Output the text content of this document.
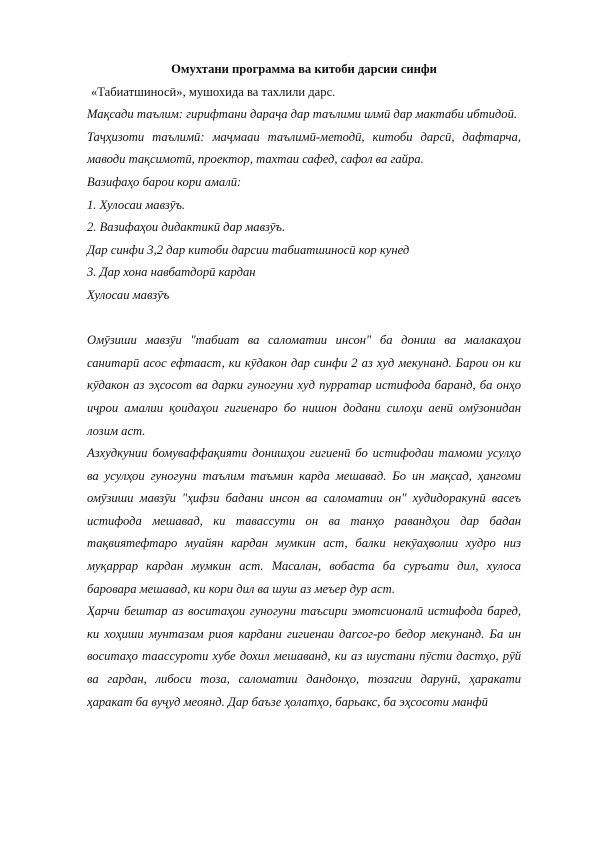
Омухтани программа ва китоби дарсии синфи

«Табиатшиносӣ», мушохида ва тахлили дарс.

Мақсади таълим: гирифтани дараҷа дар таълими илмӣ дар мактаби ибтидоӣ.

Таҷҳизоти таълимӣ: маҷмааи таълимӣ-методӣ, китоби дарсӣ, дафтарча, маводи тақсимотӣ, проектор, тахтаи сафед, сафол ва гайра.

Вазифаҳо барои кори амалӣ:

1. Хулосаи мавзӯъ.

2. Вазифаҳои дидактикӣ дар мавзӯъ.

Дар синфи 3,2 дар китоби дарсии табиатшиносӣ кор кунед

3. Дар хона навбатдорӣ кардан

Хулосаи мавзӯъ

Омӯзиши мавзӯи "табиат ва саломатии инсон" ба дониш ва малакаҳои санитарӣ асос ефтааст, ки кӯдакон дар синфи 2 аз худ мекунанд. Барои он ки кӯдакон аз эҳсосот ва дарки гуногуни худ пурратар истифода баранд, ба онҳо иҷрои амалии қоидаҳои гигиенаро бо нишон додани силоҳи аенӣ омӯзонидан лозим аст.

Азхудкунии бомуваффақияти донишҳои гигиенӣ бо истифодаи тамоми усулҳо ва усулҳои гуногуни таълим таъмин карда мешавад. Бо ин мақсад, ҳангоми омӯзиши мавзӯи "ҳифзи бадани инсон ва саломатии он" худидоракунӣ васеъ истифода мешавад, ки тавассути он ва танҳо равандҳои дар бадан тақвиятефтаро муайян кардан мумкин аст, балки некӯаҳволии худро низ муқаррар кардан мумкин аст. Масалан, вобаста ба суръати дил, хулоса баровара мешавад, ки кори дил ва шуш аз меъер дур аст.

Ҳарчи бештар аз воситаҳои гуногуни таъсири эмотсионалӣ истифода баред, ки хоҳиши мунтазам риоя кардани гигиенаи даrсог-ро бедор мекунанд. Ба ин воситаҳо таассуроти хубе дохил мешаванд, ки аз шустани пӯсти дастҳо, рӯй ва гардан, либоси тоза, саломатии дандонҳо, тозагии дарунӣ, ҳаракати ҳаракат ба вуҷуд меоянд. Дар баъзе ҳолатҳо, барьакс, ба эҳсосоти манфӣ
